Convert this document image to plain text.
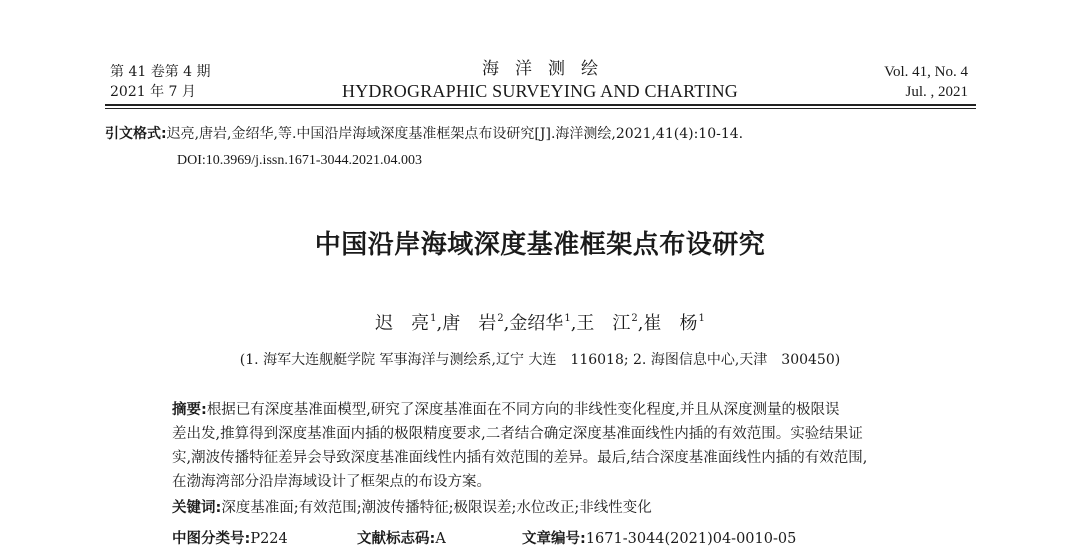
第 41 卷第 4 期
2021 年 7 月
海洋测绘
HYDROGRAPHIC SURVEYING AND CHARTING
Vol. 41, No. 4
Jul. , 2021
引文格式:迟亮,唐岩,金绍华,等.中国沿岸海域深度基准框架点布设研究[J].海洋测绘,2021,41(4):10-14.
DOI:10.3969/j.issn.1671-3044.2021.04.003
中国沿岸海域深度基准框架点布设研究
迟　亮$^1$,唐　岩$^2$,金绍华$^1$,王　江$^2$,崔　杨$^1$
(1. 海军大连舰艇学院 军事海洋与测绘系,辽宁 大连　116018; 2. 海图信息中心,天津　300450)
摘要:根据已有深度基准面模型,研究了深度基准面在不同方向的非线性变化程度,并且从深度测量的极限误
差出发,推算得到深度基准面内插的极限精度要求,二者结合确定深度基准面线性内插的有效范围。实验结果证
实,潮波传播特征差异会导致深度基准面线性内插有效范围的差异。最后,结合深度基准面线性内插的有效范围,
在渤海湾部分沿岸海域设计了框架点的布设方案。
关键词:深度基准面;有效范围;潮波传播特征;极限误差;水位改正;非线性变化
中图分类号:P224	文献标志码:A	文章编号:1671-3044(2021)04-0010-05
